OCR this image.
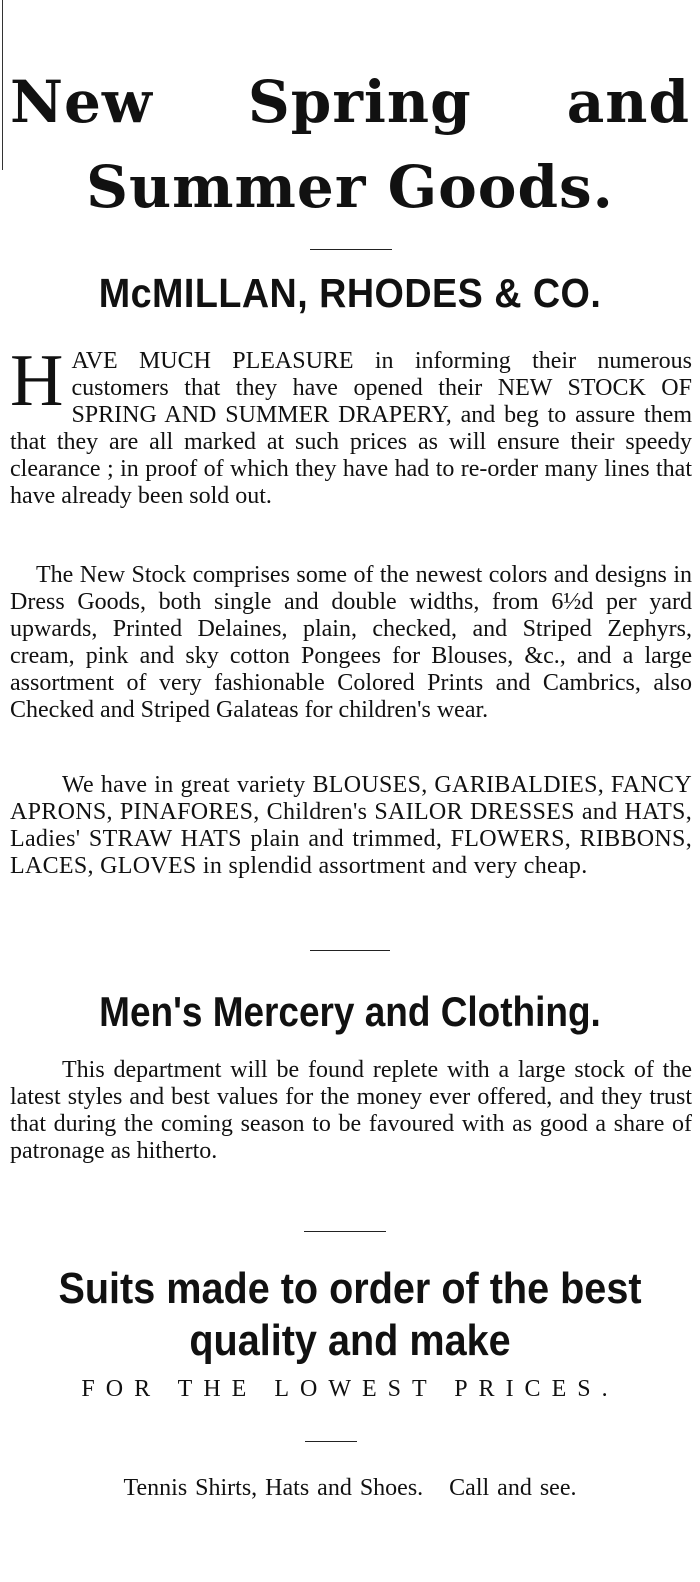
New Spring and
Summer Goods.
McMILLAN, RHODES & CO.

HAVE MUCH PLEASURE in informing their numerous customers that they have opened their NEW STOCK OF SPRING AND SUMMER DRAPERY, and beg to assure them that they are all marked at such prices as will ensure their speedy clearance ; in proof of which they have had to re-order many lines that have already been sold out.

The New Stock comprises some of the newest colors and designs in Dress Goods, both single and double widths, from 6½d per yard upwards, Printed Delaines, plain, checked, and Striped Zephyrs, cream, pink and sky cotton Pongees for Blouses, &c., and a large assortment of very fashionable Colored Prints and Cambrics, also Checked and Striped Galateas for children's wear.

We have in great variety BLOUSES, GARIBALDIES, FANCY APRONS, PINAFORES, Children's SAILOR DRESSES and HATS, Ladies' STRAW HATS plain and trimmed, FLOWERS, RIBBONS, LACES, GLOVES in splendid assortment and very cheap.

Men's Mercery and Clothing.

This department will be found replete with a large stock of the latest styles and best values for the money ever offered, and they trust that during the coming season to be favoured with as good a share of patronage as hitherto.

Suits made to order of the best
quality and make

FOR THE LOWEST PRICES.

Tennis Shirts, Hats and Shoes. Call and see.
